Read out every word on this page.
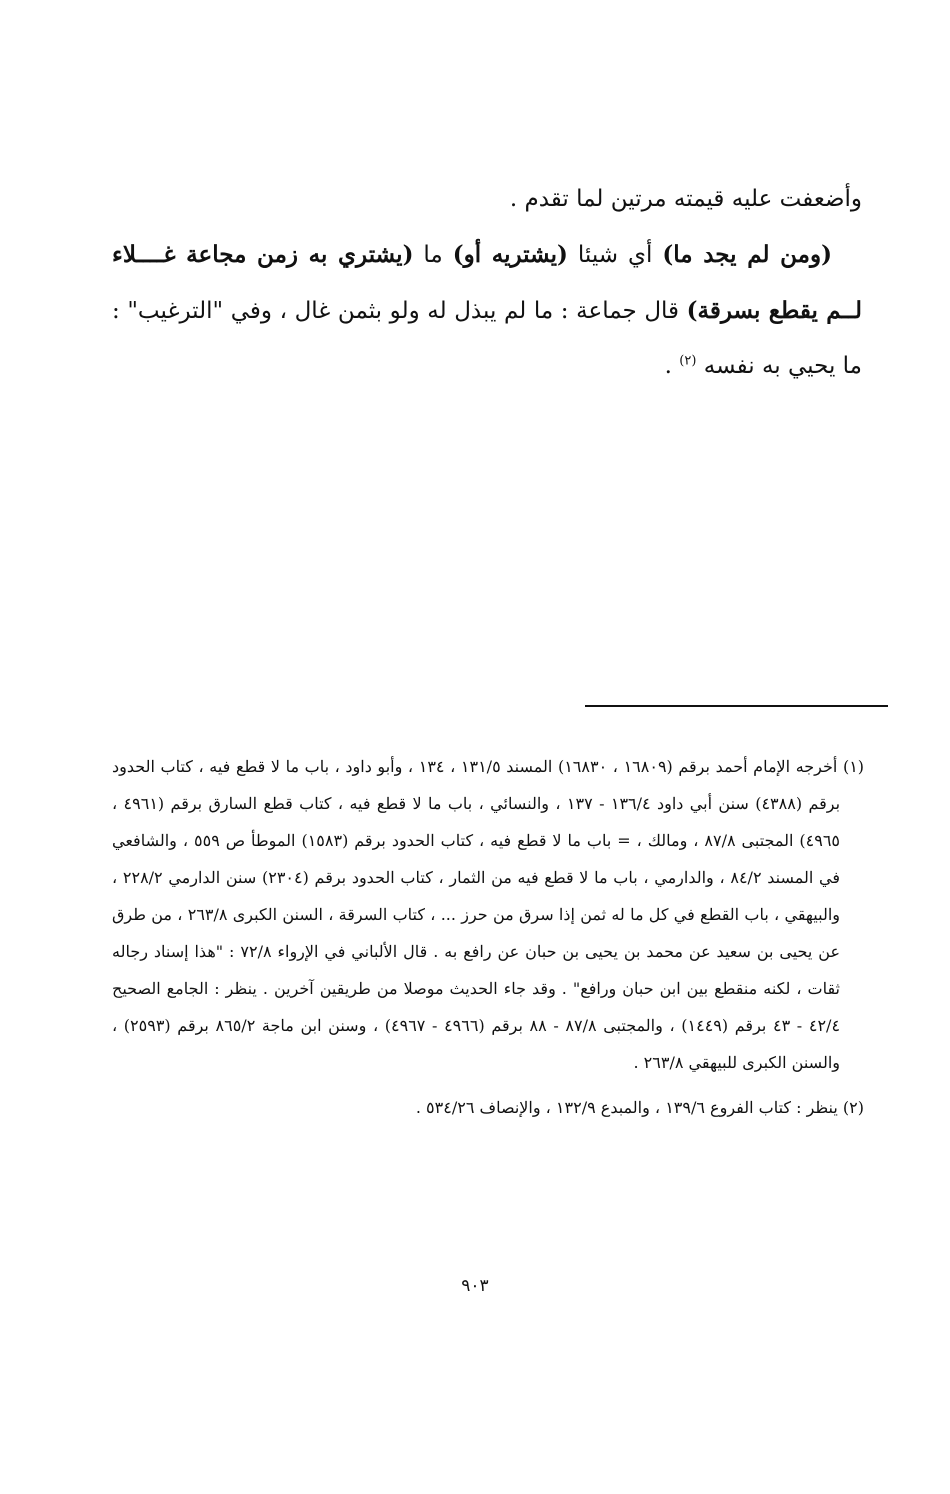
وأضعفت عليه قيمته مرتين لما تقدم .

(ومن لم يجد ما) أي شيئا (يشتريه أو) ما (يشتري به زمن مجاعة غــــلاء لــم يقطع بسرقة) قال جماعة : ما لم يبذل له ولو بثمن غال ، وفي "الترغيب" : ما يحيي به نفسه $^{(٢)}$ .

(١) أخرجه الإمام أحمد برقم (١٦٨٠٩ ، ١٦٨٣٠) المسند ١٣١/٥ ، ١٣٤ ، وأبو داود ، باب ما لا قطع فيه ، كتاب الحدود برقم (٤٣٨٨) سنن أبي داود ١٣٦/٤ - ١٣٧ ، والنسائي ، باب ما لا قطع فيه ، كتاب قطع السارق برقم (٤٩٦١ ، ٤٩٦٥) المجتبى ٨٧/٨ ، ومالك ، = باب ما لا قطع فيه ، كتاب الحدود برقم (١٥٨٣) الموطأ ص ٥٥٩ ، والشافعي في المسند ٨٤/٢ ، والدارمي ، باب ما لا قطع فيه من الثمار ، كتاب الحدود برقم (٢٣٠٤) سنن الدارمي ٢٢٨/٢ ، والبيهقي ، باب القطع في كل ما له ثمن إذا سرق من حرز ... ، كتاب السرقة ، السنن الكبرى ٢٦٣/٨ ، من طرق عن يحيى بن سعيد عن محمد بن يحيى بن حبان عن رافع به . قال الألباني في الإرواء ٧٢/٨ : "هذا إسناد رجاله ثقات ، لكنه منقطع بين ابن حبان ورافع" . وقد جاء الحديث موصلا من طريقين آخرين . ينظر : الجامع الصحيح ٤٢/٤ - ٤٣ برقم (١٤٤٩) ، والمجتبى ٨٧/٨ - ٨٨ برقم (٤٩٦٦ - ٤٩٦٧) ، وسنن ابن ماجة ٨٦٥/٢ برقم (٢٥٩٣) ، والسنن الكبرى للبيهقي ٢٦٣/٨ .

(٢) ينظر : كتاب الفروع ١٣٩/٦ ، والمبدع ١٣٢/٩ ، والإنصاف ٥٣٤/٢٦ .

٩٠٣
